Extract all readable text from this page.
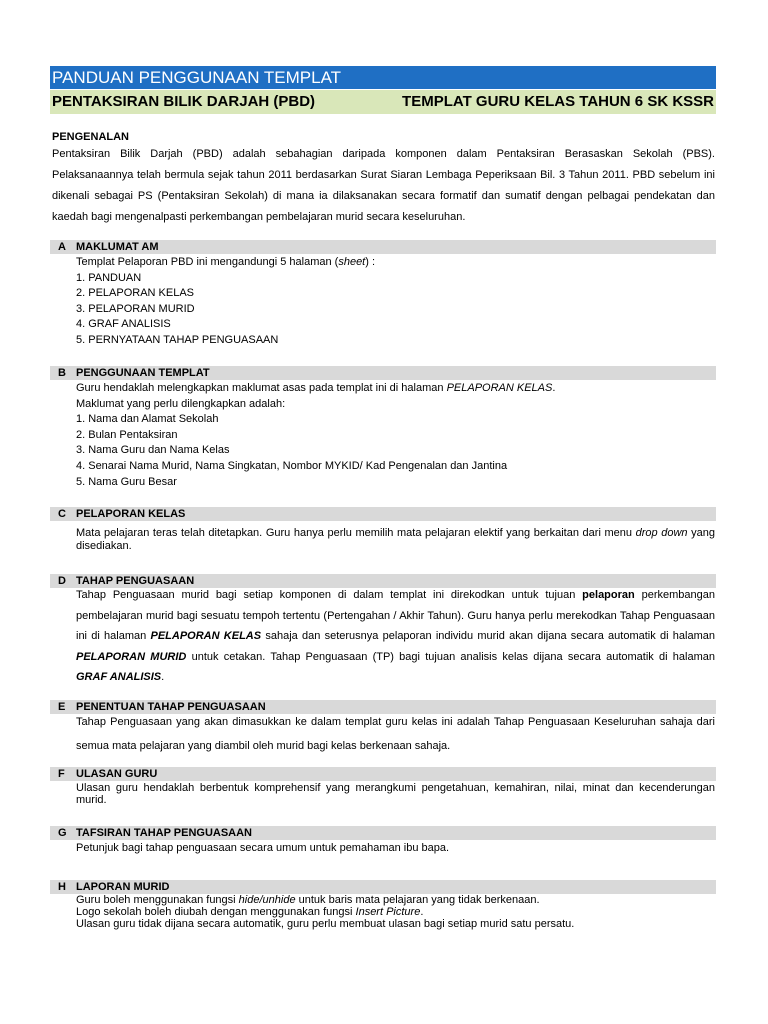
PANDUAN PENGGUNAAN TEMPLAT
PENTAKSIRAN BILIK DARJAH (PBD)	TEMPLAT GURU KELAS TAHUN 6 SK KSSR
PENGENALAN
Pentaksiran Bilik Darjah (PBD) adalah sebahagian daripada komponen dalam Pentaksiran Berasaskan Sekolah (PBS). Pelaksanaannya telah bermula sejak tahun 2011 berdasarkan Surat Siaran Lembaga Peperiksaan Bil. 3 Tahun 2011. PBD sebelum ini dikenali sebagai PS (Pentaksiran Sekolah) di mana ia dilaksanakan secara formatif dan sumatif dengan pelbagai pendekatan dan kaedah bagi mengenalpasti perkembangan pembelajaran murid secara keseluruhan.
A MAKLUMAT AM
Templat Pelaporan PBD ini mengandungi 5 halaman (sheet) :
1. PANDUAN
2. PELAPORAN KELAS
3. PELAPORAN MURID
4. GRAF ANALISIS
5. PERNYATAAN TAHAP PENGUASAAN
B PENGGUNAAN TEMPLAT
Guru hendaklah melengkapkan maklumat asas pada templat ini di halaman PELAPORAN KELAS.
Maklumat yang perlu dilengkapkan adalah:
1. Nama dan Alamat Sekolah
2. Bulan Pentaksiran
3. Nama Guru dan Nama Kelas
4. Senarai Nama Murid, Nama Singkatan, Nombor MYKID/ Kad Pengenalan dan Jantina
5. Nama Guru Besar
C PELAPORAN KELAS
Mata pelajaran teras telah ditetapkan. Guru hanya perlu memilih mata pelajaran elektif yang berkaitan dari menu drop down yang disediakan.
D TAHAP PENGUASAAN
Tahap Penguasaan murid bagi setiap komponen di dalam templat ini direkodkan untuk tujuan pelaporan perkembangan pembelajaran murid bagi sesuatu tempoh tertentu (Pertengahan / Akhir Tahun). Guru hanya perlu merekodkan Tahap Penguasaan ini di halaman PELAPORAN KELAS sahaja dan seterusnya pelaporan individu murid akan dijana secara automatik di halaman PELAPORAN MURID untuk cetakan. Tahap Penguasaan (TP) bagi tujuan analisis kelas dijana secara automatik di halaman GRAF ANALISIS.
E PENENTUAN TAHAP PENGUASAAN
Tahap Penguasaan yang akan dimasukkan ke dalam templat guru kelas ini adalah Tahap Penguasaan Keseluruhan sahaja dari semua mata pelajaran yang diambil oleh murid bagi kelas berkenaan sahaja.
F ULASAN GURU
Ulasan guru hendaklah berbentuk komprehensif yang merangkumi pengetahuan, kemahiran, nilai, minat dan kecenderungan murid.
G TAFSIRAN TAHAP PENGUASAAN
Petunjuk bagi tahap penguasaan secara umum untuk pemahaman ibu bapa.
H LAPORAN MURID
Guru boleh menggunakan fungsi hide/unhide untuk baris mata pelajaran yang tidak berkenaan.
Logo sekolah boleh diubah dengan menggunakan fungsi Insert Picture.
Ulasan guru tidak dijana secara automatik, guru perlu membuat ulasan bagi setiap murid satu persatu.
